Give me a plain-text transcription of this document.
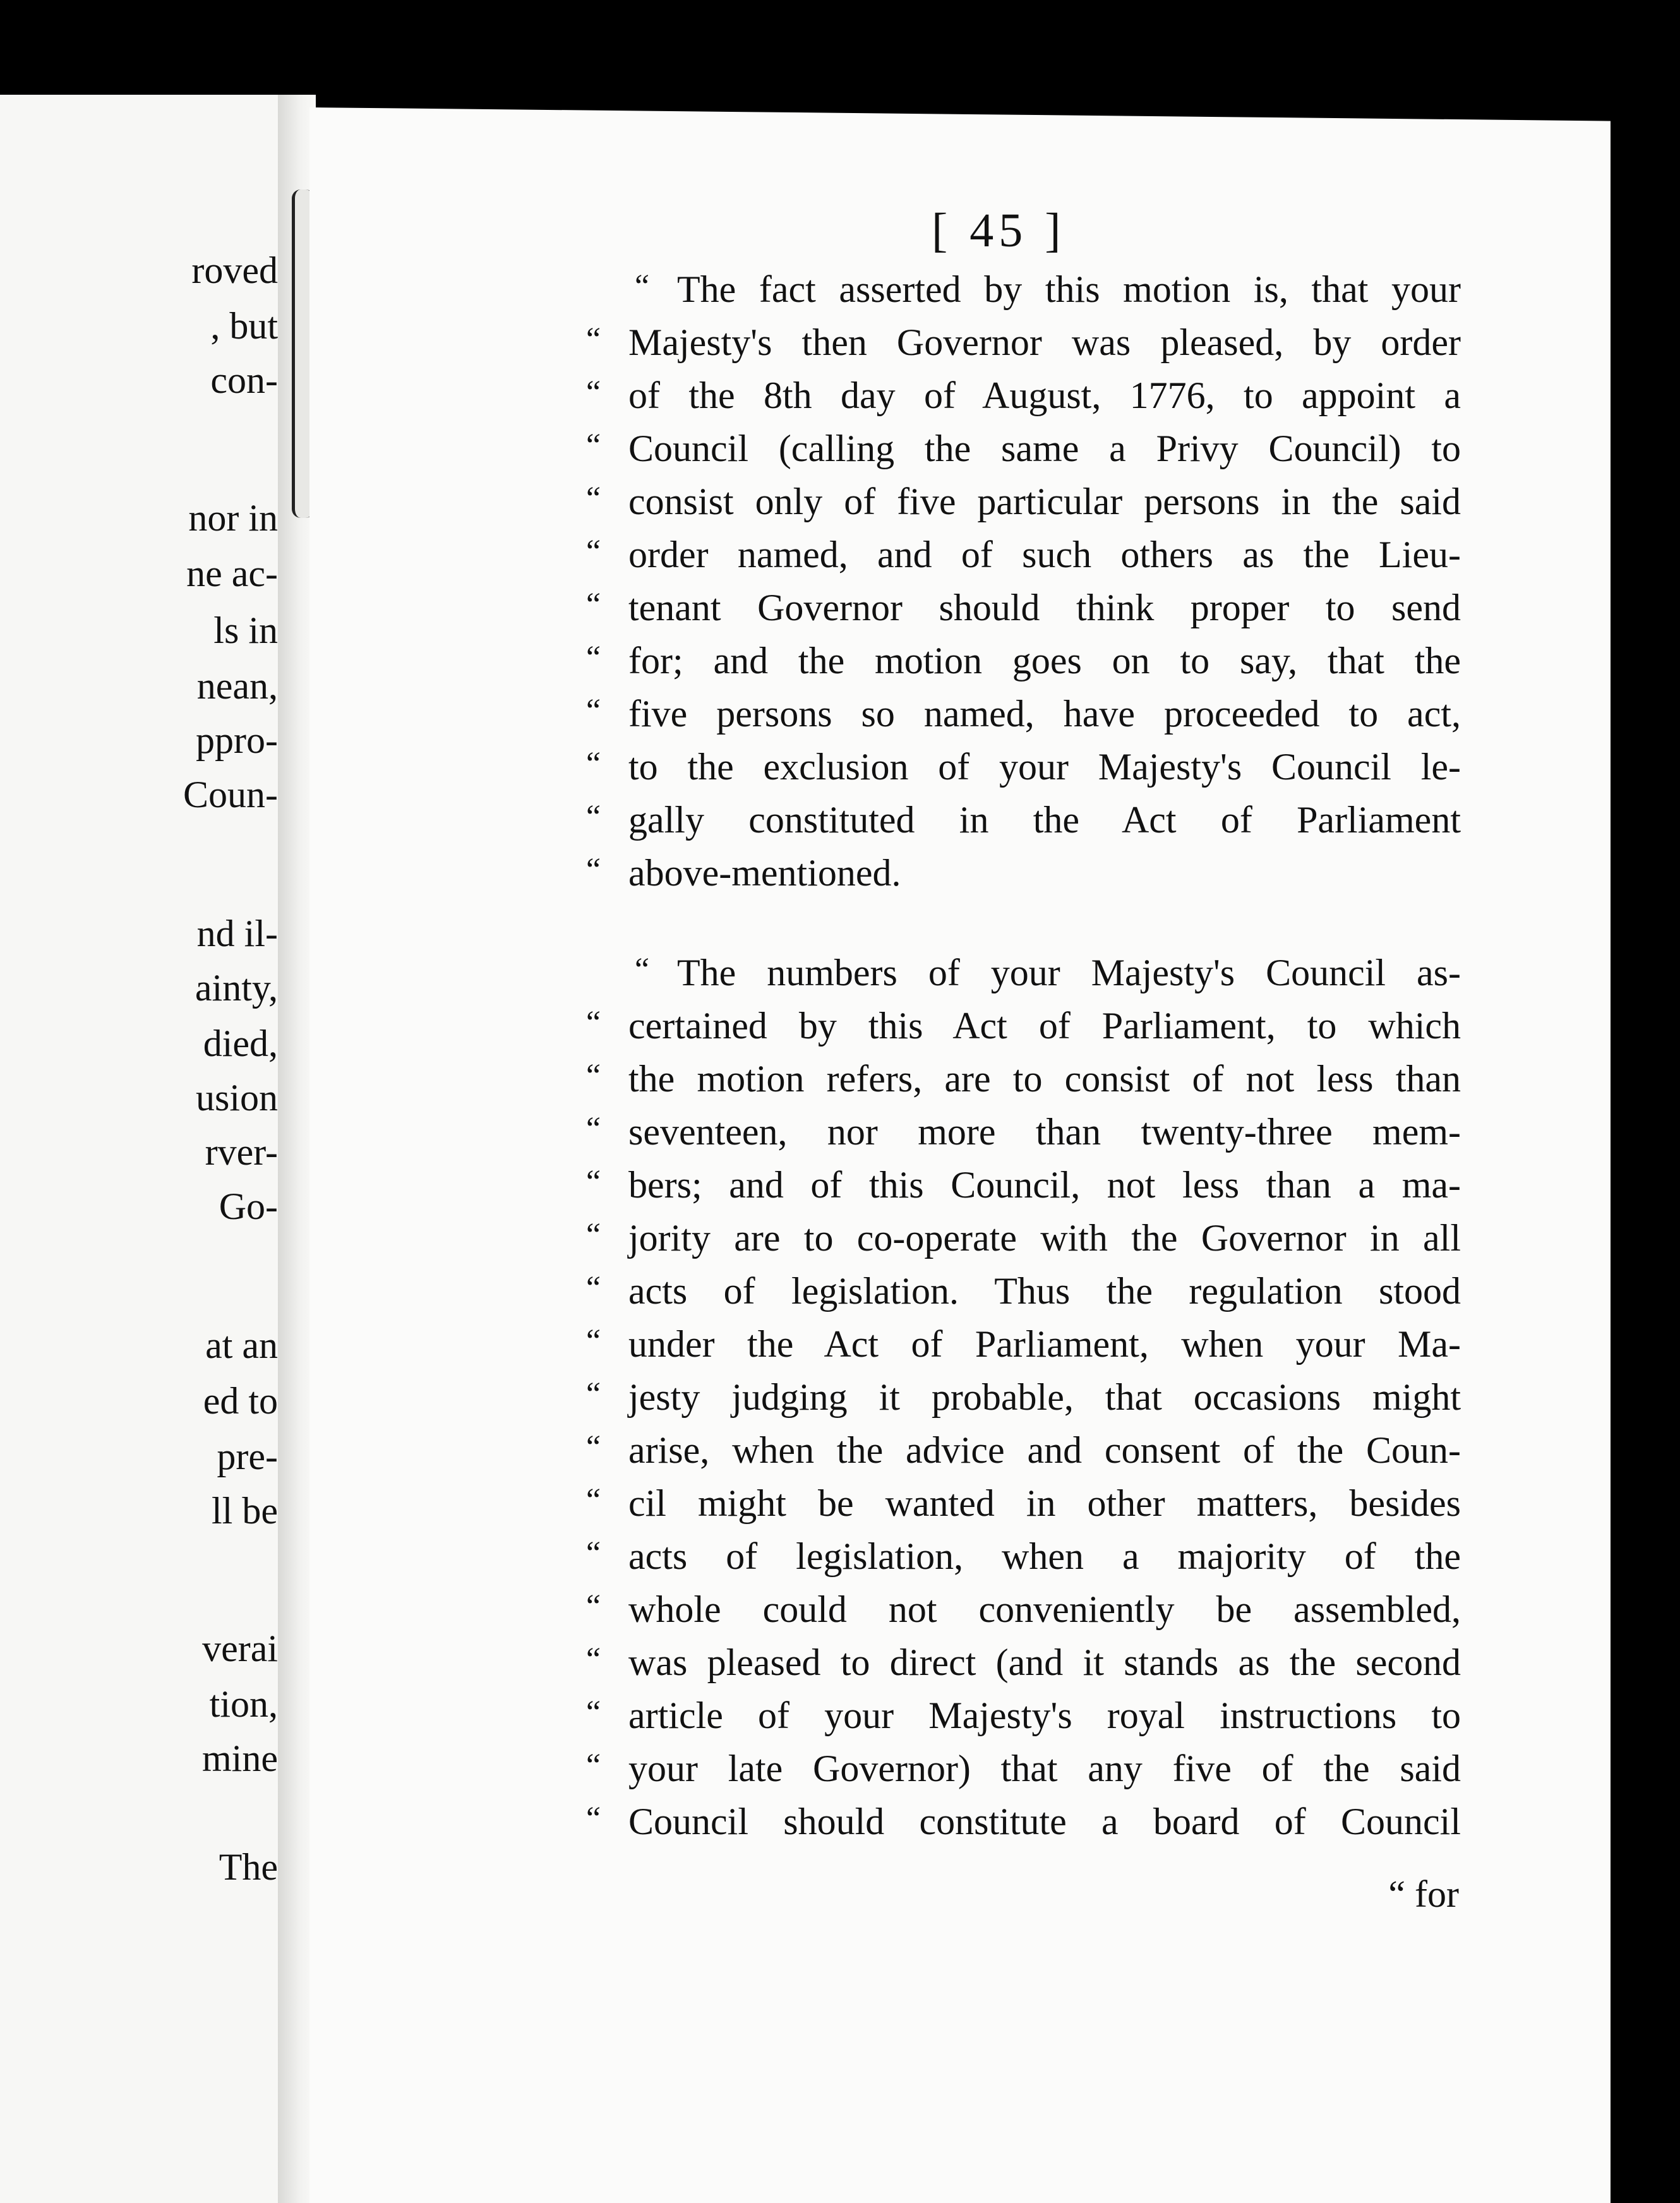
roved
, but
con-
nor in
ne ac-
ls in
nean,
ppro-
Coun-
nd il-
ainty,
died,
usion
rver-
Go-
at an
ed to
pre-
ll be
verai
tion,
mine
The
[ 45 ]
The fact asserted by this motion is, that your
Majesty's then Governor was pleased, by order
of the 8th day of August, 1776, to appoint a
Council (calling the same a Privy Council) to
consist only of five particular persons in the said
order named, and of such others as the Lieu-
tenant Governor should think proper to send
for; and the motion goes on to say, that the
five persons so named, have proceeded to act,
to the exclusion of your Majesty's Council le-
gally constituted in the Act of Parliament
above-mentioned.
“
“
“
“
“
“
“
“
“
“
“
“
The numbers of your Majesty's Council as-
certained by this Act of Parliament, to which
the motion refers, are to consist of not less than
seventeen, nor more than twenty-three mem-
bers; and of this Council, not less than a ma-
jority are to co-operate with the Governor in all
acts of legislation. Thus the regulation stood
under the Act of Parliament, when your Ma-
jesty judging it probable, that occasions might
arise, when the advice and consent of the Coun-
cil might be wanted in other matters, besides
acts of legislation, when a majority of the
whole could not conveniently be assembled,
was pleased to direct (and it stands as the second
article of your Majesty's royal instructions to
your late Governor) that any five of the said
Council should constitute a board of Council
“
“
“
“
“
“
“
“
“
“
“
“
“
“
“
“
“
“ for
